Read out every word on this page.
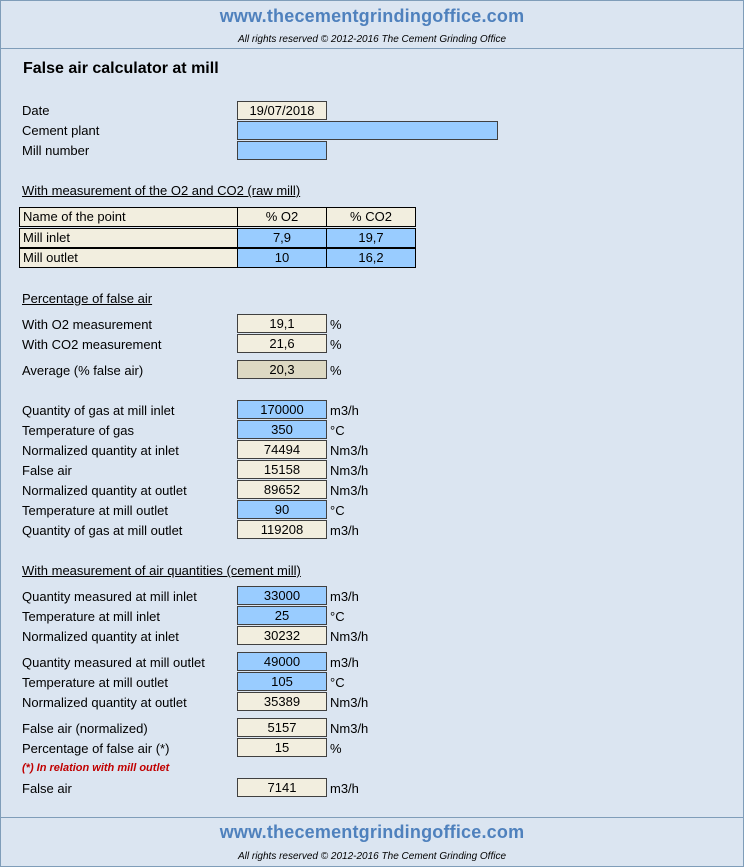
www.thecementgrindingoffice.com
All rights reserved © 2012-2016 The Cement Grinding Office
False air calculator at mill
Date	19/07/2018
Cement plant
Mill number
With measurement of the O2 and CO2 (raw mill)
Name of the point	% O2	% CO2
Mill inlet	7,9	19,7
Mill outlet	10	16,2
Percentage of false air
With O2 measurement	19,1	%
With CO2 measurement	21,6	%
Average (% false air)	20,3	%
Quantity of gas at mill inlet	170000	m3/h
Temperature of gas	350	°C
Normalized quantity at inlet	74494	Nm3/h
False air	15158	Nm3/h
Normalized quantity at outlet	89652	Nm3/h
Temperature at mill outlet	90	°C
Quantity of gas at mill outlet	119208	m3/h
With measurement of air quantities (cement mill)
Quantity measured at mill inlet	33000	m3/h
Temperature at mill inlet	25	°C
Normalized quantity at inlet	30232	Nm3/h
Quantity measured at mill outlet	49000	m3/h
Temperature at mill outlet	105	°C
Normalized quantity at outlet	35389	Nm3/h
False air (normalized)	5157	Nm3/h
Percentage of false air (*)	15	%
(*) In relation with mill outlet
False air	7141	m3/h
www.thecementgrindingoffice.com
All rights reserved © 2012-2016 The Cement Grinding Office
